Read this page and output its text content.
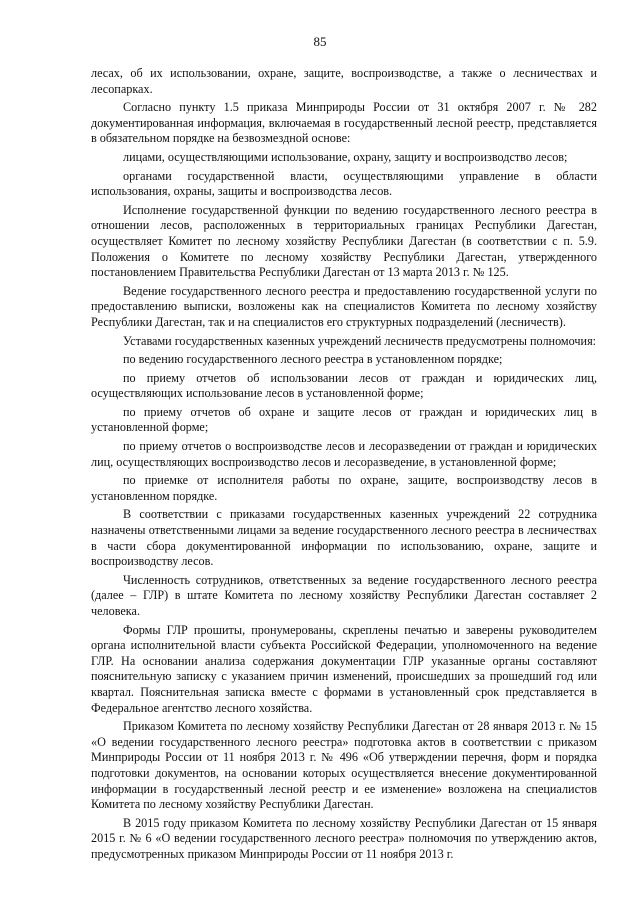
85

лесах, об их использовании, охране, защите, воспроизводстве, а также о лесничествах и лесопарках.

Согласно пункту 1.5 приказа Минприроды России от 31 октября 2007 г. № 282 документированная информация, включаемая в государственный лесной реестр, представляется в обязательном порядке на безвозмездной основе:

лицами, осуществляющими использование, охрану, защиту и воспроизводство лесов;

органами государственной власти, осуществляющими управление в области использования, охраны, защиты и воспроизводства лесов.

Исполнение государственной функции по ведению государственного лесного реестра в отношении лесов, расположенных в территориальных границах Республики Дагестан, осуществляет Комитет по лесному хозяйству Республики Дагестан (в соответствии с п. 5.9. Положения о Комитете по лесному хозяйству Республики Дагестан, утвержденного постановлением Правительства Республики Дагестан от 13 марта 2013 г. № 125.

Ведение государственного лесного реестра и предоставлению государственной услуги по предоставлению выписки, возложены как на специалистов Комитета по лесному хозяйству Республики Дагестан, так и на специалистов его структурных подразделений (лесничеств).

Уставами государственных казенных учреждений лесничеств предусмотрены полномочия:

по ведению государственного лесного реестра в установленном порядке;

по приему отчетов об использовании лесов от граждан и юридических лиц, осуществляющих использование лесов в установленной форме;

по приему отчетов об охране и защите лесов от граждан и юридических лиц в установленной форме;

по приему отчетов о воспроизводстве лесов и лесоразведении от граждан и юридических лиц, осуществляющих воспроизводство лесов и лесоразведение, в установленной форме;

по приемке от исполнителя работы по охране, защите, воспроизводству лесов в установленном порядке.

В соответствии с приказами государственных казенных учреждений 22 сотрудника назначены ответственными лицами за ведение государственного лесного реестра в лесничествах в части сбора документированной информации по использованию, охране, защите и воспроизводству лесов.

Численность сотрудников, ответственных за ведение государственного лесного реестра (далее – ГЛР) в штате Комитета по лесному хозяйству Республики Дагестан составляет 2 человека.

Формы ГЛР прошиты, пронумерованы, скреплены печатью и заверены руководителем органа исполнительной власти субъекта Российской Федерации, уполномоченного на ведение ГЛР. На основании анализа содержания документации ГЛР указанные органы составляют пояснительную записку с указанием причин изменений, происшедших за прошедший год или квартал. Пояснительная записка вместе с формами в установленный срок представляется в Федеральное агентство лесного хозяйства.

Приказом Комитета по лесному хозяйству Республики Дагестан от 28 января 2013 г. № 15 «О ведении государственного лесного реестра» подготовка актов в соответствии с приказом Минприроды России от 11 ноября 2013 г. № 496 «Об утверждении перечня, форм и порядка подготовки документов, на основании которых осуществляется внесение документированной информации в государственный лесной реестр и ее изменение» возложена на специалистов Комитета по лесному хозяйству Республики Дагестан.

В 2015 году приказом Комитета по лесному хозяйству Республики Дагестан от 15 января 2015 г. № 6 «О ведении государственного лесного реестра» полномочия по утверждению актов, предусмотренных приказом Минприроды России от 11 ноября 2013 г.
